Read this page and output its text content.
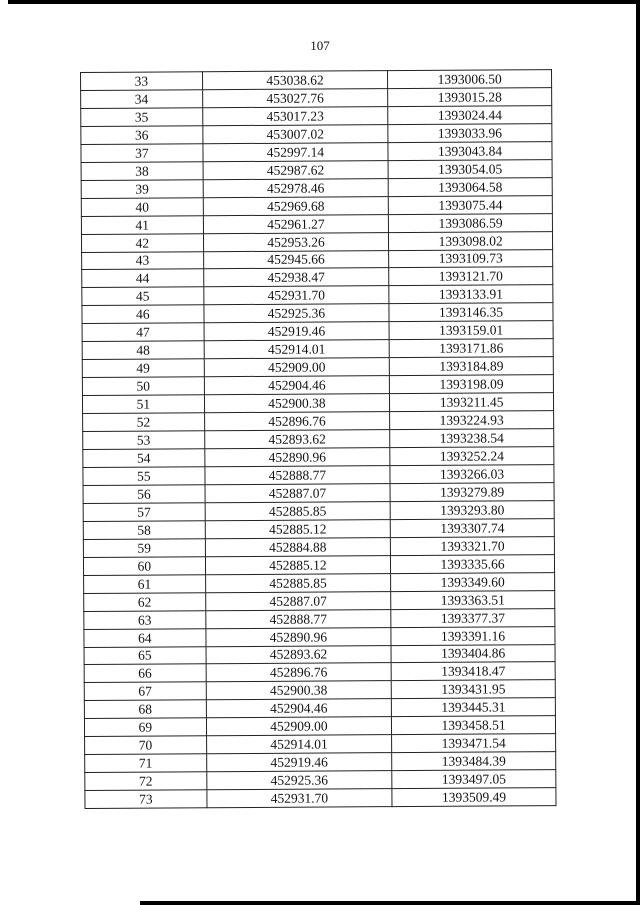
107
33	453038.62	1393006.50
34	453027.76	1393015.28
35	453017.23	1393024.44
36	453007.02	1393033.96
37	452997.14	1393043.84
38	452987.62	1393054.05
39	452978.46	1393064.58
40	452969.68	1393075.44
41	452961.27	1393086.59
42	452953.26	1393098.02
43	452945.66	1393109.73
44	452938.47	1393121.70
45	452931.70	1393133.91
46	452925.36	1393146.35
47	452919.46	1393159.01
48	452914.01	1393171.86
49	452909.00	1393184.89
50	452904.46	1393198.09
51	452900.38	1393211.45
52	452896.76	1393224.93
53	452893.62	1393238.54
54	452890.96	1393252.24
55	452888.77	1393266.03
56	452887.07	1393279.89
57	452885.85	1393293.80
58	452885.12	1393307.74
59	452884.88	1393321.70
60	452885.12	1393335.66
61	452885.85	1393349.60
62	452887.07	1393363.51
63	452888.77	1393377.37
64	452890.96	1393391.16
65	452893.62	1393404.86
66	452896.76	1393418.47
67	452900.38	1393431.95
68	452904.46	1393445.31
69	452909.00	1393458.51
70	452914.01	1393471.54
71	452919.46	1393484.39
72	452925.36	1393497.05
73	452931.70	1393509.49
